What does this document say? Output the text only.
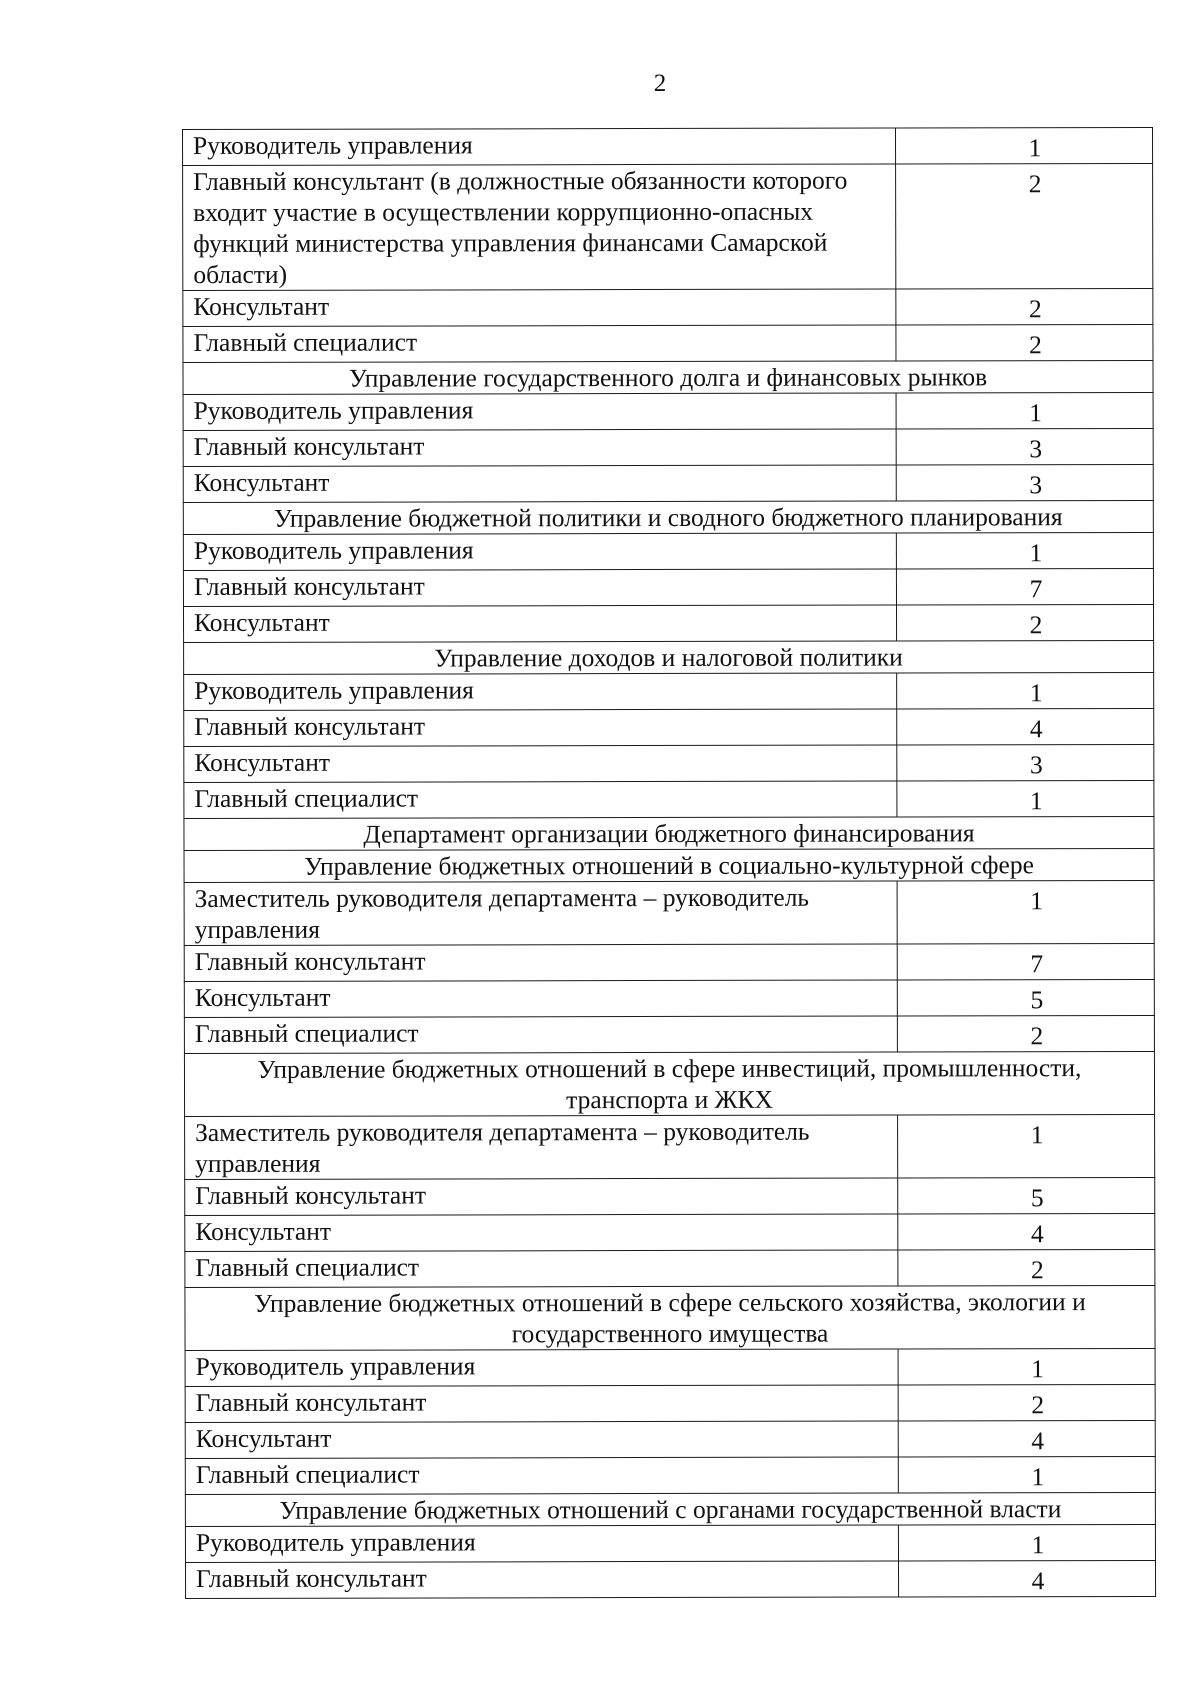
2
Руководитель управления	1
Главный консультант (в должностные обязанности которого входит участие в осуществлении коррупционно-опасных функций министерства управления финансами Самарской области)	2
Консультант	2
Главный специалист	2
Управление государственного долга и финансовых рынков	
Руководитель управления	1
Главный консультант	3
Консультант	3
Управление бюджетной политики и сводного бюджетного планирования	
Руководитель управления	1
Главный консультант	7
Консультант	2
Управление доходов и налоговой политики	
Руководитель управления	1
Главный консультант	4
Консультант	3
Главный специалист	1
Департамент организации бюджетного финансирования	
Управление бюджетных отношений в социально-культурной сфере	
Заместитель руководителя департамента – руководитель управления	1
Главный консультант	7
Консультант	5
Главный специалист	2
Управление бюджетных отношений в сфере инвестиций, промышленности, транспорта и ЖКХ	
Заместитель руководителя департамента – руководитель управления	1
Главный консультант	5
Консультант	4
Главный специалист	2
Управление бюджетных отношений в сфере сельского хозяйства, экологии и государственного имущества	
Руководитель управления	1
Главный консультант	2
Консультант	4
Главный специалист	1
Управление бюджетных отношений с органами государственной власти	
Руководитель управления	1
Главный консультант	4
